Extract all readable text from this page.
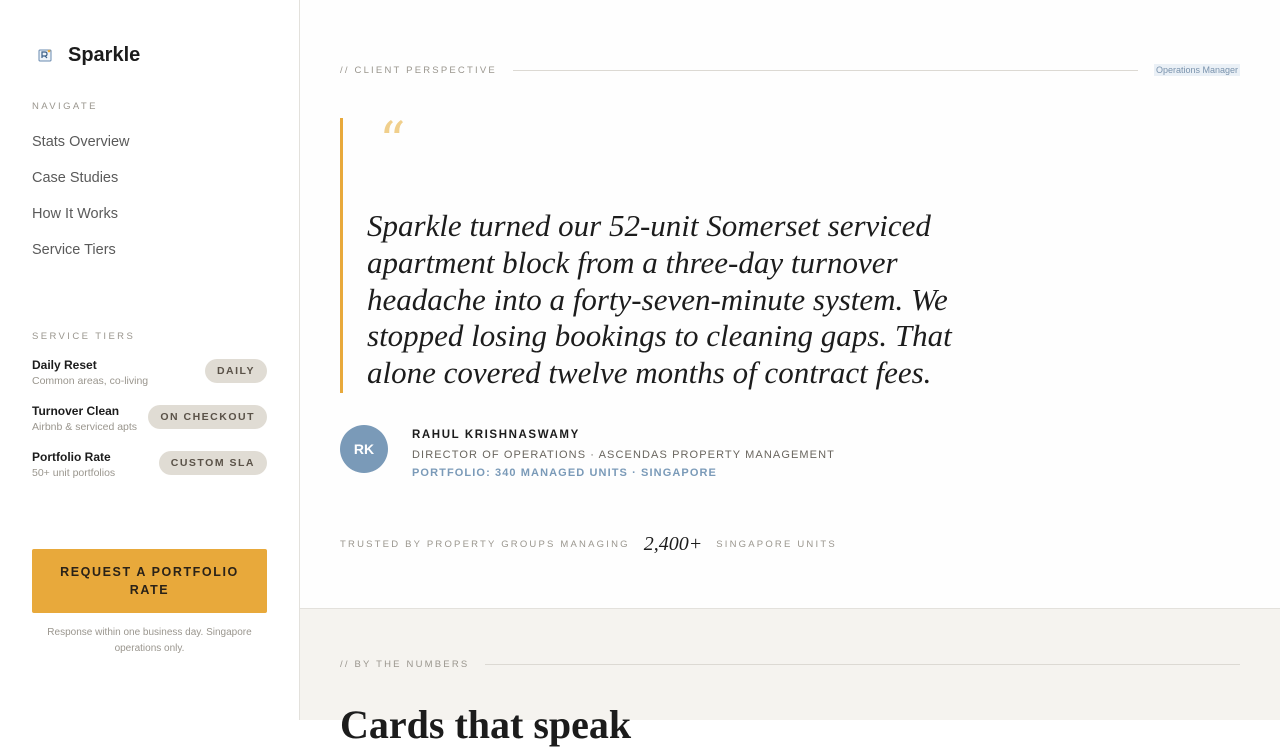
Sparkle
NAVIGATE
Stats Overview
Case Studies
How It Works
Service Tiers
SERVICE TIERS
Daily Reset
Common areas, co-living
DAILY
Turnover Clean
Airbnb & serviced apts
ON CHECKOUT
Portfolio Rate
50+ unit portfolios
CUSTOM SLA
REQUEST A PORTFOLIO RATE
Response within one business day. Singapore operations only.
// CLIENT PERSPECTIVE	Operations Manager
“

Sparkle turned our 52-unit Somerset serviced apartment block from a three-day turnover headache into a forty-seven-minute system. We stopped losing bookings to cleaning gaps. That alone covered twelve months of contract fees.

RK
RAHUL KRISHNASWAMY
DIRECTOR OF OPERATIONS · ASCENDAS PROPERTY MANAGEMENT
PORTFOLIO: 340 MANAGED UNITS · SINGAPORE
TRUSTED BY PROPERTY GROUPS MANAGING 2,400+ SINGAPORE UNITS
// BY THE NUMBERS
Cards that speak
